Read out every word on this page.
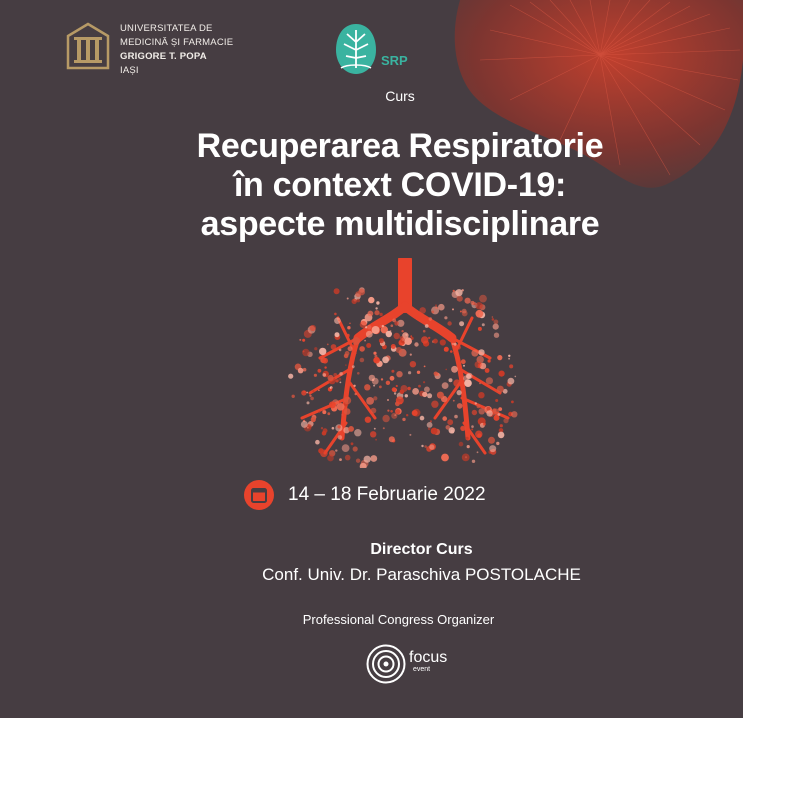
UNIVERSITATEA DE
MEDICINĂ ȘI FARMACIE
GRIGORE T. POPA
IAȘI
SRP
Curs
Recuperarea Respiratorie
în context COVID-19:
aspecte multidisciplinare
14 – 18 Februarie 2022
Director Curs
Conf. Univ. Dr. Paraschiva POSTOLACHE
Professional Congress Organizer
focus
event
